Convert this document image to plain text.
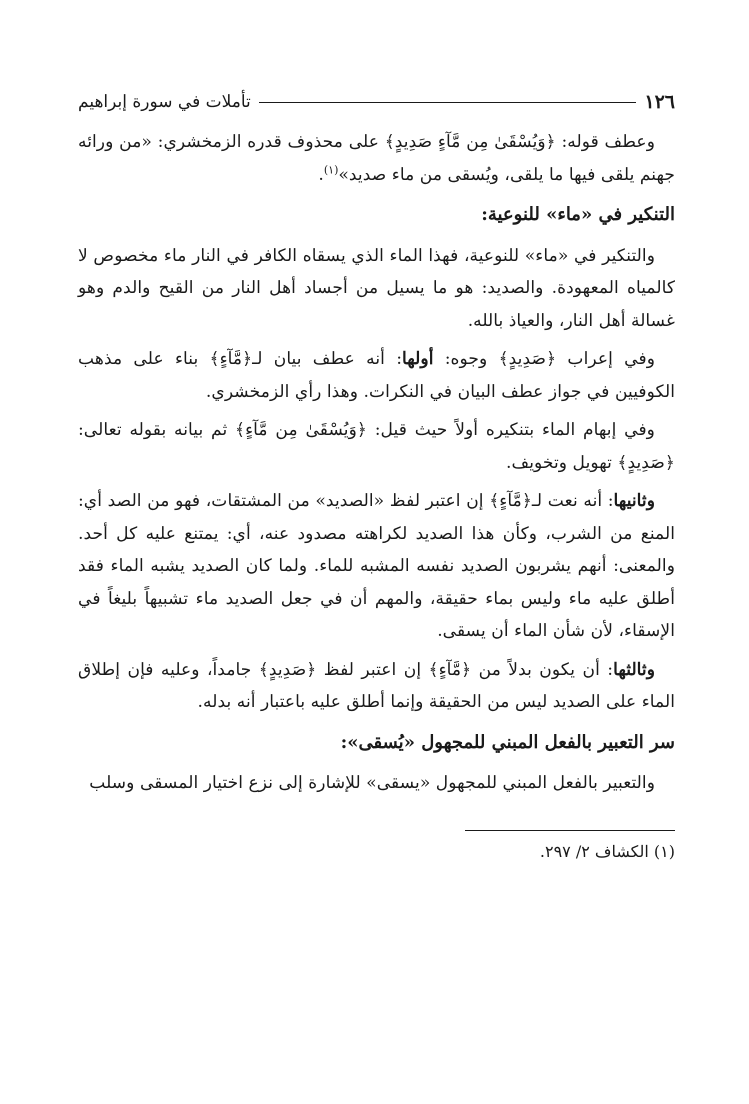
١٢٦
تأملات في سورة إبراهيم

وعطف قوله: ﴿وَيُسْقَىٰ مِن مَّآءٍ صَدِيدٍ﴾ على محذوف قدره الزمخشري: «من ورائه جهنم يلقى فيها ما يلقى، ويُسقى من ماء صديد»$^{(١)}$.

التنكير في «ماء» للنوعية:

والتنكير في «ماء» للنوعية، فهذا الماء الذي يسقاه الكافر في النار ماء مخصوص لا كالمياه المعهودة. والصديد: هو ما يسيل من أجساد أهل النار من القيح والدم وهو غسالة أهل النار، والعياذ بالله.

وفي إعراب ﴿صَدِيدٍ﴾ وجوه: أولها: أنه عطف بيان لـ﴿مَّآءٍ﴾ بناء على مذهب الكوفيين في جواز عطف البيان في النكرات. وهذا رأي الزمخشري.

وفي إبهام الماء بتنكيره أولاً حيث قيل: ﴿وَيُسْقَىٰ مِن مَّآءٍ﴾ ثم بيانه بقوله تعالى: ﴿صَدِيدٍ﴾ تهويل وتخويف.

وثانيها: أنه نعت لـ﴿مَّآءٍ﴾ إن اعتبر لفظ «الصديد» من المشتقات، فهو من الصد أي: المنع من الشرب، وكأن هذا الصديد لكراهته مصدود عنه، أي: يمتنع عليه كل أحد. والمعنى: أنهم يشربون الصديد نفسه المشبه للماء. ولما كان الصديد يشبه الماء فقد أطلق عليه ماء وليس بماء حقيقة، والمهم أن في جعل الصديد ماء تشبيهاً بليغاً في الإسقاء، لأن شأن الماء أن يسقى.

وثالثها: أن يكون بدلاً من ﴿مَّآءٍ﴾ إن اعتبر لفظ ﴿صَدِيدٍ﴾ جامداً، وعليه فإن إطلاق الماء على الصديد ليس من الحقيقة وإنما أطلق عليه باعتبار أنه بدله.

سر التعبير بالفعل المبني للمجهول «يُسقى»:

والتعبير بالفعل المبني للمجهول «يسقى» للإشارة إلى نزع اختيار المسقى وسلب

(١) الكشاف ٢/ ٢٩٧.
